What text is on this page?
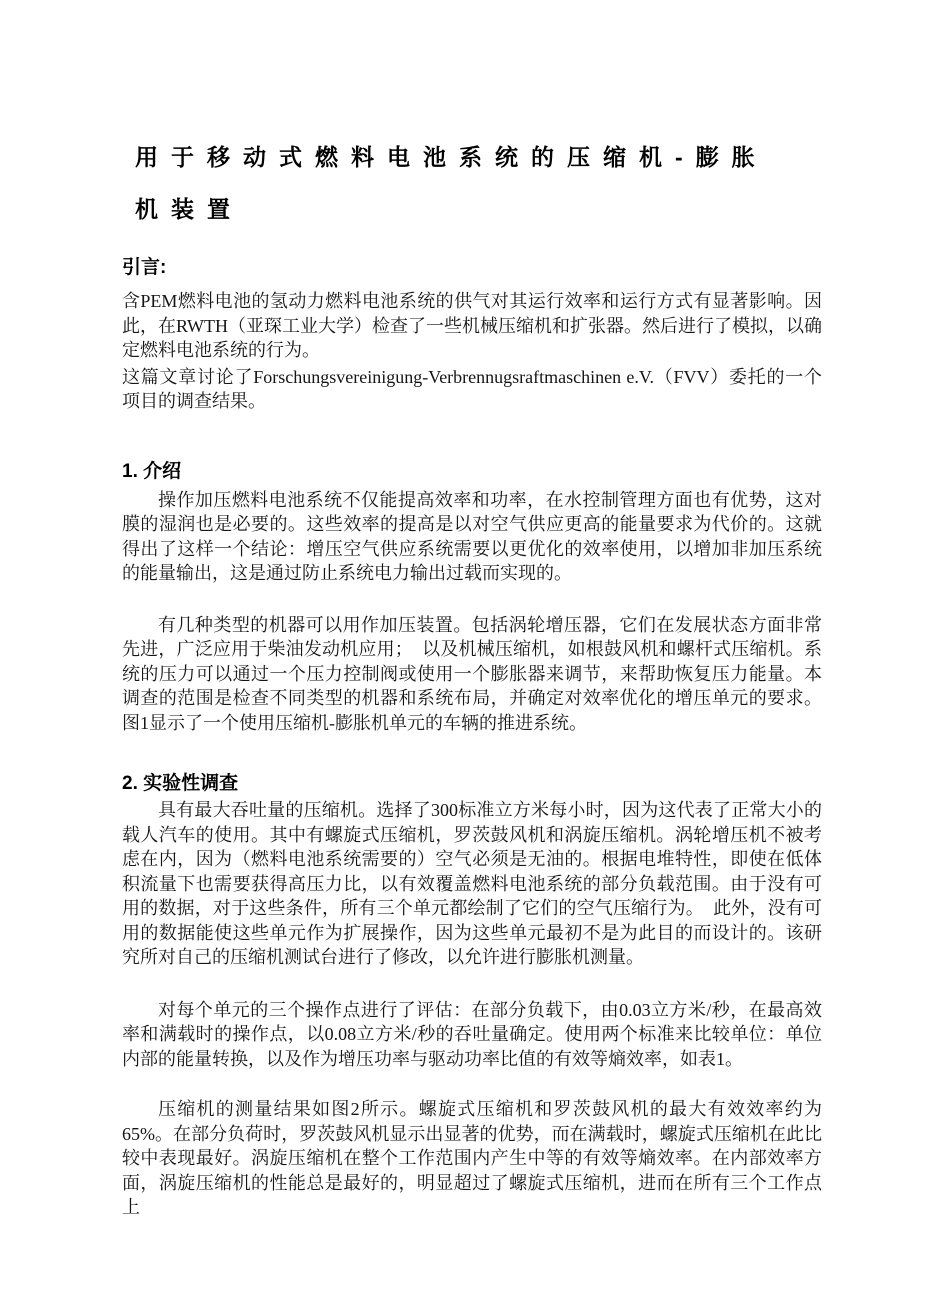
用于移动式燃料电池系统的压缩机-膨胀
机装置
引言:

含PEM燃料电池的氢动力燃料电池系统的供气对其运行效率和运行方式有显著影响。因此，在RWTH（亚琛工业大学）检查了一些机械压缩机和扩张器。然后进行了模拟，以确定燃料电池系统的行为。

这篇文章讨论了Forschungsvereinigung-Verbrennugsraftmaschinen e.V.（FVV）委托的一个项目的调查结果。

1. 介绍

操作加压燃料电池系统不仅能提高效率和功率，在水控制管理方面也有优势，这对膜的湿润也是必要的。这些效率的提高是以对空气供应更高的能量要求为代价的。这就得出了这样一个结论：增压空气供应系统需要以更优化的效率使用，以增加非加压系统的能量输出，这是通过防止系统电力输出过载而实现的。

有几种类型的机器可以用作加压装置。包括涡轮增压器，它们在发展状态方面非常先进，广泛应用于柴油发动机应用；　以及机械压缩机，如根鼓风机和螺杆式压缩机。系统的压力可以通过一个压力控制阀或使用一个膨胀器来调节，来帮助恢复压力能量。本调查的范围是检查不同类型的机器和系统布局，并确定对效率优化的增压单元的要求。图1显示了一个使用压缩机-膨胀机单元的车辆的推进系统。

2. 实验性调查

具有最大吞吐量的压缩机。选择了300标准立方米每小时，因为这代表了正常大小的载人汽车的使用。其中有螺旋式压缩机，罗茨鼓风机和涡旋压缩机。涡轮增压机不被考虑在内，因为（燃料电池系统需要的）空气必须是无油的。根据电堆特性，即使在低体积流量下也需要获得高压力比，以有效覆盖燃料电池系统的部分负载范围。由于没有可用的数据，对于这些条件，所有三个单元都绘制了它们的空气压缩行为。　此外，没有可用的数据能使这些单元作为扩展操作，因为这些单元最初不是为此目的而设计的。该研究所对自己的压缩机测试台进行了修改，以允许进行膨胀机测量。

对每个单元的三个操作点进行了评估：在部分负载下，由0.03立方米/秒，在最高效率和满载时的操作点，以0.08立方米/秒的吞吐量确定。使用两个标准来比较单位：单位内部的能量转换，以及作为增压功率与驱动功率比值的有效等熵效率，如表1。

压缩机的测量结果如图2所示。螺旋式压缩机和罗茨鼓风机的最大有效效率约为65%。在部分负荷时，罗茨鼓风机显示出显著的优势，而在满载时，螺旋式压缩机在此比较中表现最好。涡旋压缩机在整个工作范围内产生中等的有效等熵效率。在内部效率方面，涡旋压缩机的性能总是最好的，明显超过了螺旋式压缩机，进而在所有三个工作点上
